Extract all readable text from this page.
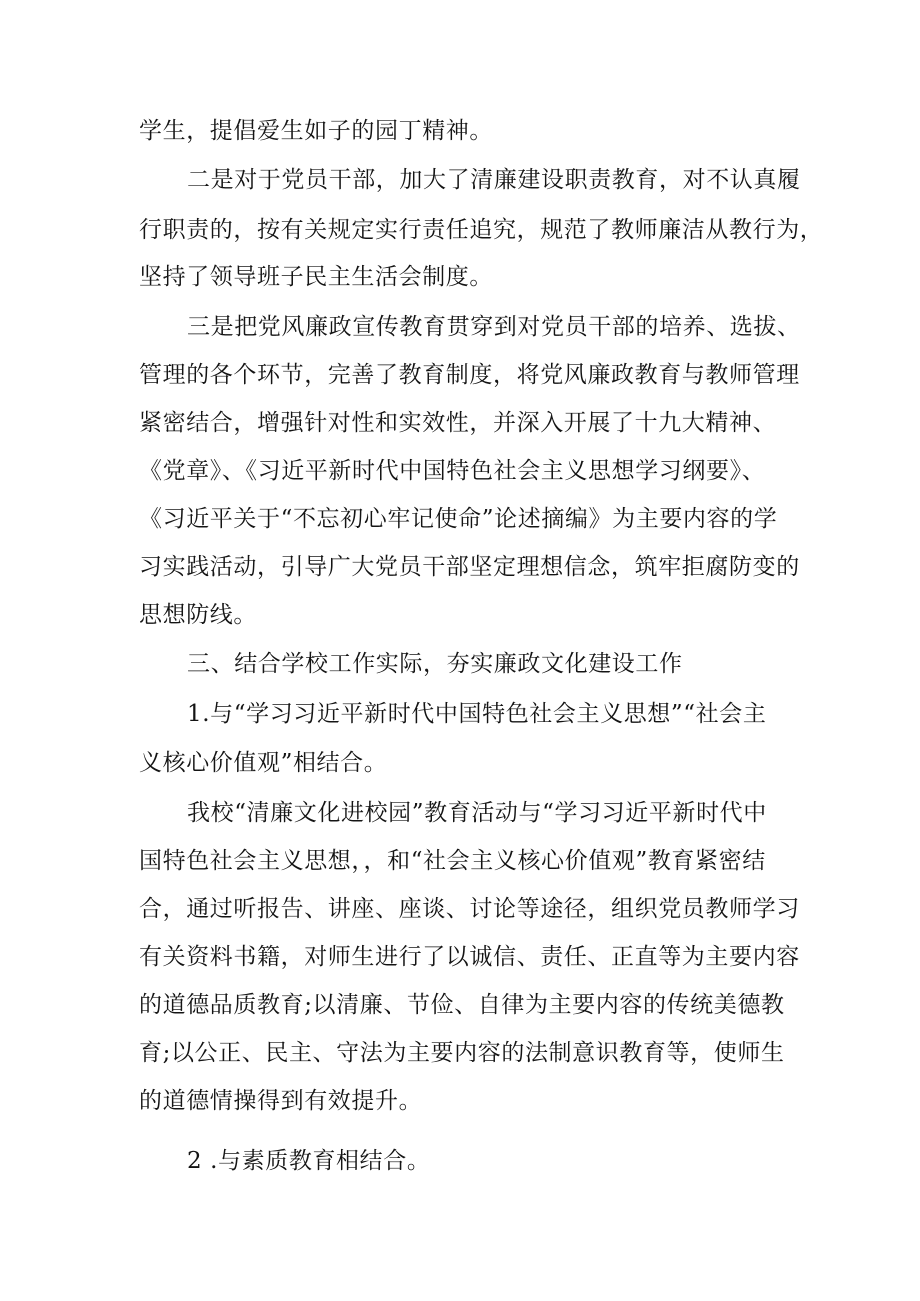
学生，提倡爱生如子的园丁精神。
二是对于党员干部，加大了清廉建设职责教育，对不认真履
行职责的，按有关规定实行责任追究，规范了教师廉洁从教行为，
坚持了领导班子民主生活会制度。
三是把党风廉政宣传教育贯穿到对党员干部的培养、选拔、
管理的各个环节，完善了教育制度，将党风廉政教育与教师管理
紧密结合，增强针对性和实效性，并深入开展了十九大精神、
《党章》、《习近平新时代中国特色社会主义思想学习纲要》、
《习近平关于“不忘初心牢记使命”论述摘编》为主要内容的学
习实践活动，引导广大党员干部坚定理想信念，筑牢拒腐防变的
思想防线。
三、结合学校工作实际，夯实廉政文化建设工作
1.与“学习习近平新时代中国特色社会主义思想”“社会主
义核心价值观”相结合。
我校“清廉文化进校园”教育活动与“学习习近平新时代中
国特色社会主义思想，，和“社会主义核心价值观”教育紧密结
合，通过听报告、讲座、座谈、讨论等途径，组织党员教师学习
有关资料书籍，对师生进行了以诚信、责任、正直等为主要内容
的道德品质教育;以清廉、节俭、自律为主要内容的传统美德教
育;以公正、民主、守法为主要内容的法制意识教育等，使师生
的道德情操得到有效提升。
2 .与素质教育相结合。
